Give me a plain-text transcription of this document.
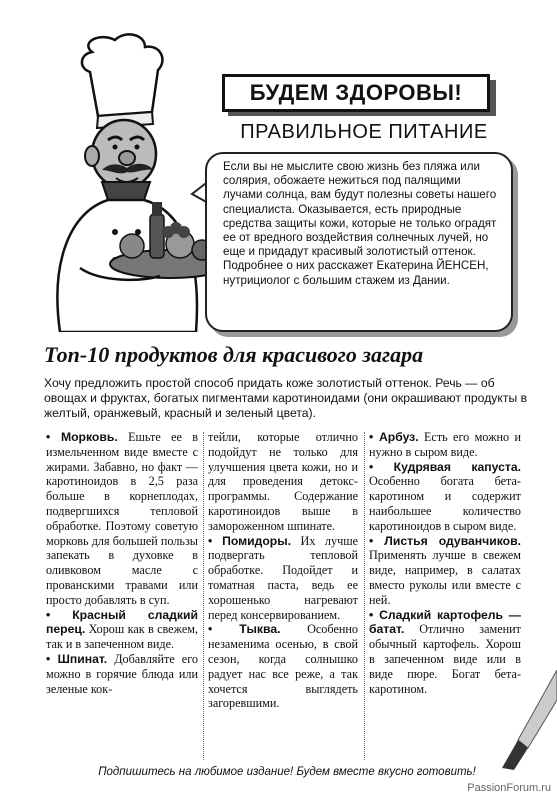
БУДЕМ ЗДОРОВЫ!
ПРАВИЛЬНОЕ ПИТАНИЕ

Если вы не мыслите свою жизнь без пляжа или солярия, обожаете нежиться под палящими лучами солнца, вам будут полезны советы нашего специалиста. Оказывается, есть природные средства защиты кожи, которые не только оградят ее от вредного воздействия солнечных лучей, но еще и придадут красивый золотистый оттенок. Подробнее о них расскажет Екатерина ЙЕНСЕН, нутрициолог с большим стажем из Дании.

Топ-10 продуктов для красивого загара
Хочу предложить простой способ придать коже золотистый оттенок. Речь — об овощах и фруктах, богатых пигментами каротиноидами (они окрашивают продукты в желтый, оранжевый, красный и зеленый цвета).

• Морковь. Ешьте ее в измельченном виде вместе с жирами. Забавно, но факт — каротиноидов в 2,5 раза больше в корнеплодах, подвергшихся тепловой обработке. Поэтому советую морковь для большей пользы запекать в духовке в оливковом масле с прованскими травами или просто добавлять в суп.

• Красный сладкий перец. Хорош как в свежем, так и в запеченном виде.

• Шпинат. Добавляйте его можно в горячие блюда или зеленые кок-

тейли, которые отлично подойдут не только для улучшения цвета кожи, но и для проведения детокс-программы. Содержание каротиноидов выше в замороженном шпинате.

• Помидоры. Их лучше подвергать тепловой обработке. Подойдет и томатная паста, ведь ее хорошенько нагревают перед консервированием.

• Тыква. Особенно незаменима осенью, в свой сезон, когда солнышко радует нас все реже, а так хочется выглядеть загоревшими.

• Арбуз. Есть его можно и нужно в сыром виде.

• Кудрявая капуста. Особенно богата бета-каротином и содержит наибольшее количество каротиноидов в сыром виде.

• Листья одуванчиков. Применять лучше в свежем виде, например, в салатах вместо руколы или вместе с ней.

• Сладкий картофель — батат. Отлично заменит обычный картофель. Хорош в запеченном виде или в виде пюре. Богат бета-каротином.

Подпишитесь на любимое издание! Будем вместе вкусно готовить!
PassionForum.ru
